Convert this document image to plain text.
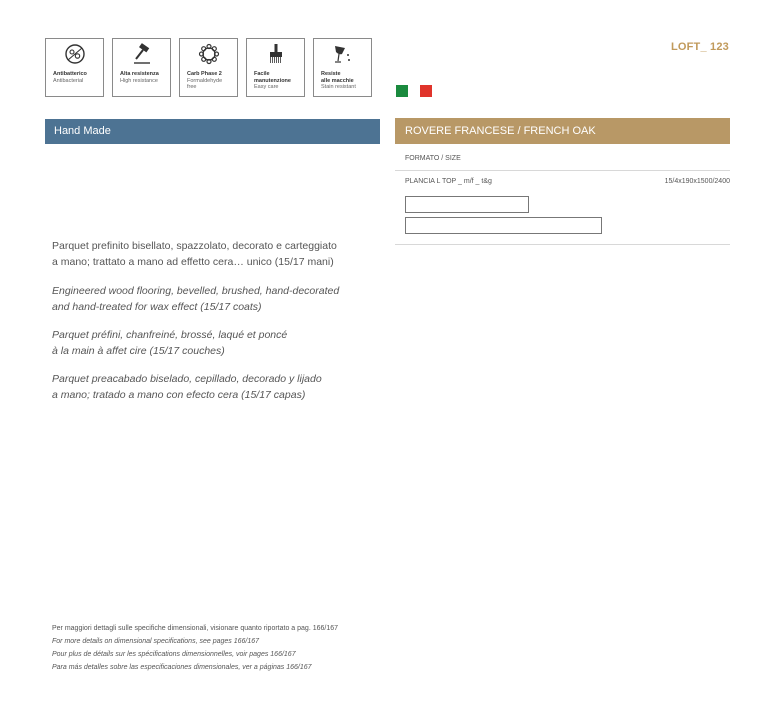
Antibatterico
Antibacterial
Alta resistenza
High resistance
Carb Phase 2
Formaldehyde
free
Facile
manutenzione
Easy care
Resiste
alle macchie
Stain resistant
LOFT_ 123
Hand Made	ROVERE FRANCESE / FRENCH OAK
FORMATO / SIZE
PLANCIA L TOP _ m/f _ t&g	15/4x190x1500/2400
Parquet prefinito bisellato, spazzolato, decorato e carteggiato
a mano; trattato a mano ad effetto cera… unico (15/17 mani)
Engineered wood flooring, bevelled, brushed, hand-decorated
and hand-treated for wax effect (15/17 coats)
Parquet préfini, chanfreiné, brossé, laqué et poncé
à la main à affet cire (15/17 couches)
Parquet preacabado biselado, cepillado, decorado y lijado
a mano; tratado a mano con efecto cera (15/17 capas)
Per maggiori dettagli sulle specifiche dimensionali, visionare quanto riportato a pag. 166/167
For more details on dimensional specifications, see pages 166/167
Pour plus de détails sur les spécifications dimensionnelles, voir pages 166/167
Para más detalles sobre las especificaciones dimensionales, ver a páginas 166/167
